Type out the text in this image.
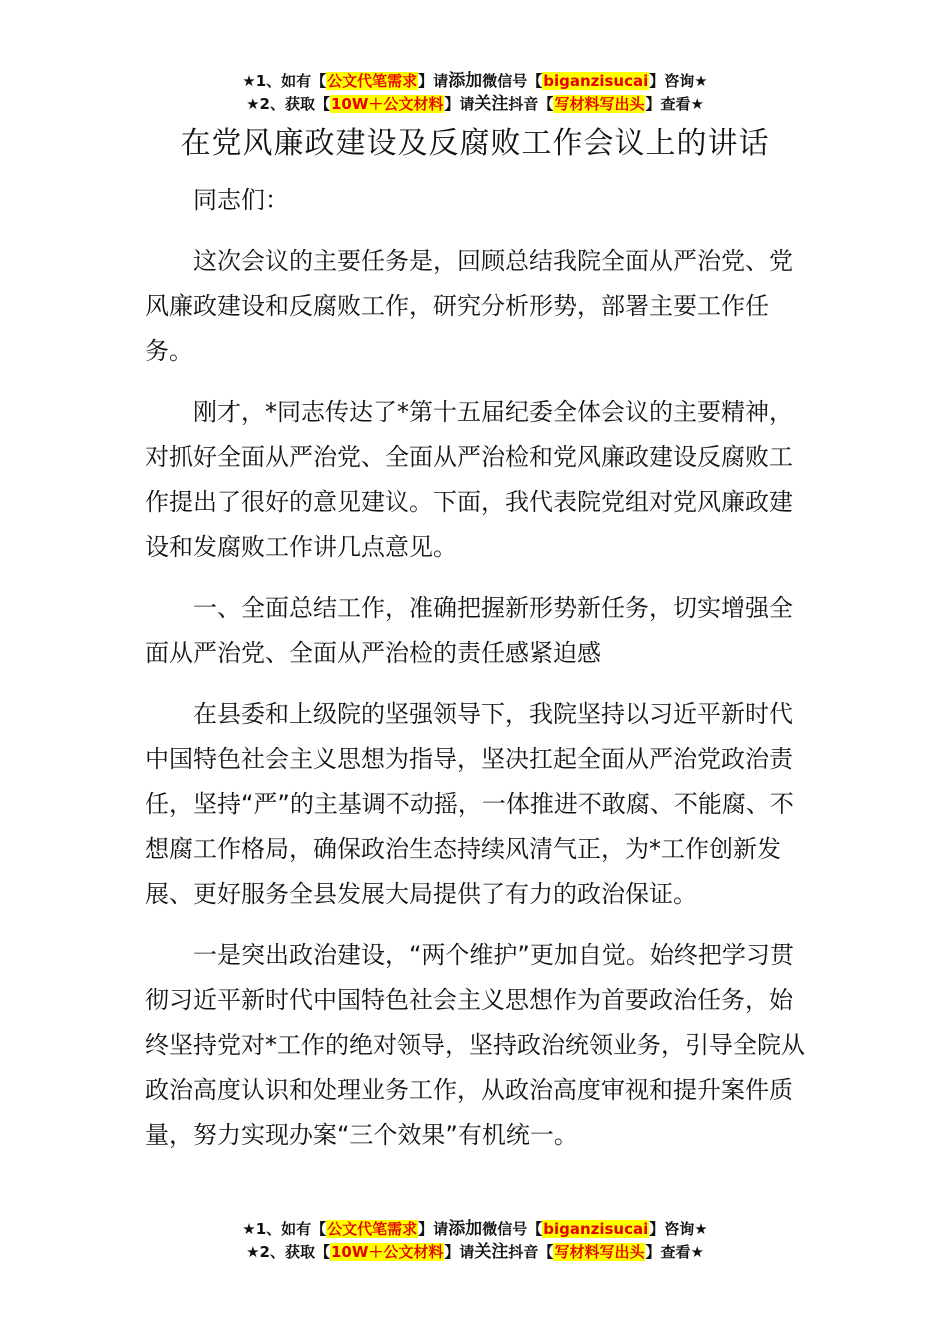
★1、如有【公文代笔需求】请添加微信号【biganzisucai】咨询★
★2、获取【10W＋公文材料】请关注抖音【写材料写出头】查看★
在党风廉政建设及反腐败工作会议上的讲话

同志们：

这次会议的主要任务是，回顾总结我院全面从严治党、党风廉政建设和反腐败工作，研究分析形势，部署主要工作任务。

刚才，*同志传达了*第十五届纪委全体会议的主要精神，对抓好全面从严治党、全面从严治检和党风廉政建设反腐败工作提出了很好的意见建议。下面，我代表院党组对党风廉政建设和发腐败工作讲几点意见。

一、全面总结工作，准确把握新形势新任务，切实增强全面从严治党、全面从严治检的责任感紧迫感

在县委和上级院的坚强领导下，我院坚持以习近平新时代中国特色社会主义思想为指导，坚决扛起全面从严治党政治责任，坚持“严”的主基调不动摇，一体推进不敢腐、不能腐、不想腐工作格局，确保政治生态持续风清气正，为*工作创新发展、更好服务全县发展大局提供了有力的政治保证。

一是突出政治建设，“两个维护”更加自觉。始终把学习贯彻习近平新时代中国特色社会主义思想作为首要政治任务，始终坚持党对*工作的绝对领导，坚持政治统领业务，引导全院从政治高度认识和处理业务工作，从政治高度审视和提升案件质量，努力实现办案“三个效果”有机统一。

★1、如有【公文代笔需求】请添加微信号【biganzisucai】咨询★
★2、获取【10W＋公文材料】请关注抖音【写材料写出头】查看★
